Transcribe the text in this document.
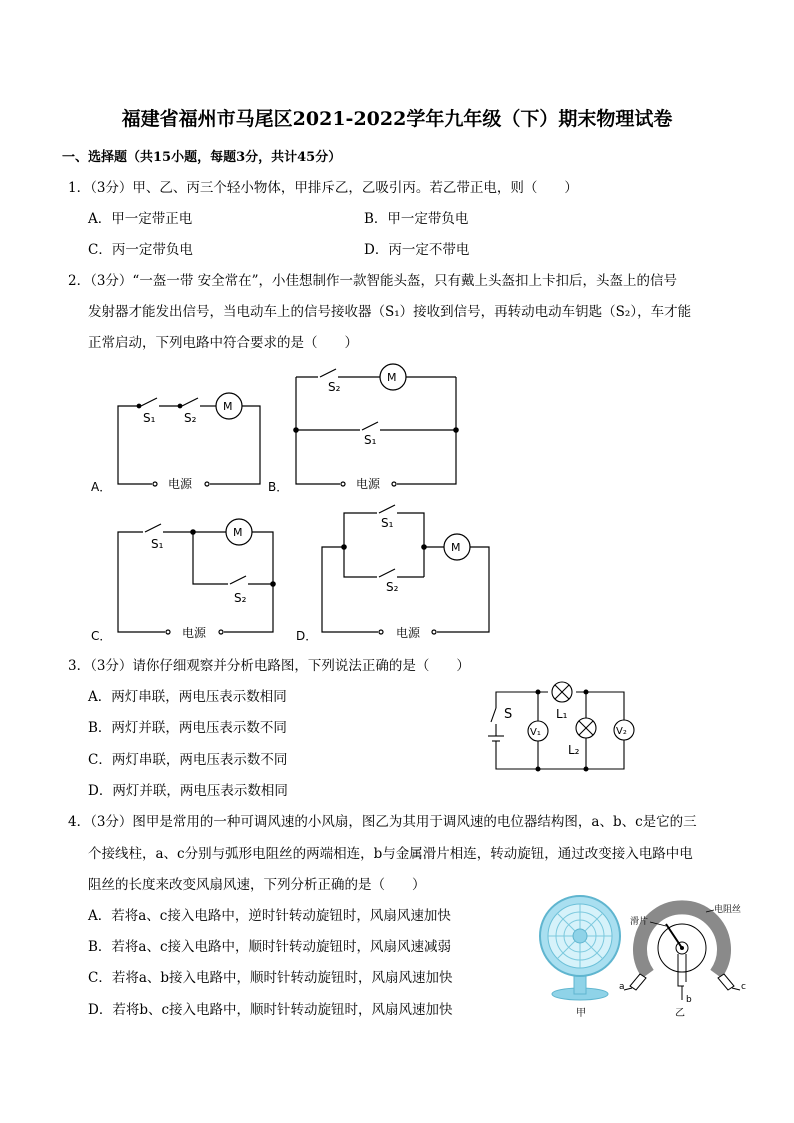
福建省福州市马尾区2021-2022学年九年级（下）期末物理试卷
一、选择题（共15小题，每题3分，共计45分）
1．（3分）甲、乙、丙三个轻小物体，甲排斥乙，乙吸引丙。若乙带正电，则（　　）
A．甲一定带正电	B．甲一定带负电
C．丙一定带负电	D．丙一定不带电
2．（3分）“一盔一带 安全常在”，小佳想制作一款智能头盔，只有戴上头盔扣上卡扣后，头盔上的信号
发射器才能发出信号，当电动车上的信号接收器（S₁）接收到信号，再转动电动车钥匙（S₂），车才能
正常启动，下列电路中符合要求的是（　　）
A．	B．
C．	D．
电源	电源
电源	电源
M
M
M
M
S₁ S₂
S₂
S₁
S₁
S₂
S₁
S₂
3．（3分）请你仔细观察并分析电路图，下列说法正确的是（　　）
A．两灯串联，两电压表示数相同
B．两灯并联，两电压表示数不同
C．两灯串联，两电压表示数不同
D．两灯并联，两电压表示数相同
S	L₁
L₂
V₁	V₂
4．（3分）图甲是常用的一种可调风速的小风扇，图乙为其用于调风速的电位器结构图，a、b、c是它的三
个接线柱，a、c分别与弧形电阻丝的两端相连，b与金属滑片相连，转动旋钮，通过改变接入电路中电
阻丝的长度来改变风扇风速，下列分析正确的是（　　）
A．若将a、c接入电路中，逆时针转动旋钮时，风扇风速加快
B．若将a、c接入电路中，顺时针转动旋钮时，风扇风速减弱
C．若将a、b接入电路中，顺时针转动旋钮时，风扇风速加快
D．若将b、c接入电路中，顺时针转动旋钮时，风扇风速加快	甲	乙
电阻丝
滑片
a
b
c
